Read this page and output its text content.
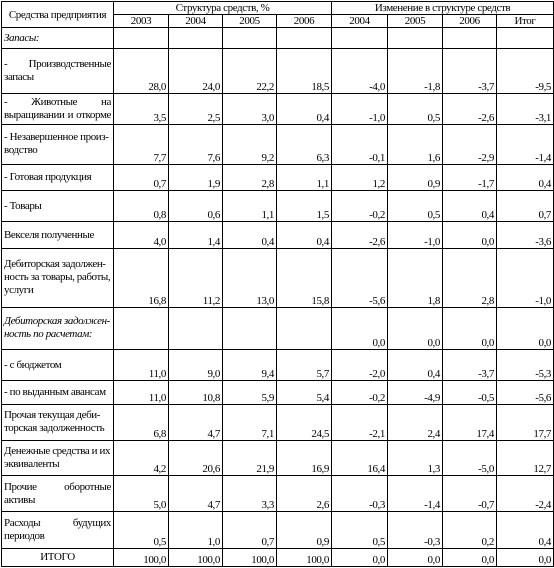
Средства предприятия	Структура средств, %				Изменение в структуре средств			
	2003	2004	2005	2006	2004	2005	2006	Итог
Запасы:								
- Производственные запасы	28,0	24,0	22,2	18,5	-4,0	-1,8	-3,7	-9,5
- Животные на выращивании и откорме	3,5	2,5	3,0	0,4	-1,0	0,5	-2,6	-3,1
- Незавершенное произ-водство	7,7	7,6	9,2	6,3	-0,1	1,6	-2,9	-1,4
- Готовая продукция	0,7	1,9	2,8	1,1	1,2	0,9	-1,7	0,4
- Товары	0,8	0,6	1,1	1,5	-0,2	0,5	0,4	0,7
Векселя полученные	4,0	1,4	0,4	0,4	-2,6	-1,0	0,0	-3,6
Дебиторская задолжен-ность за товары, работы, услуги	16,8	11,2	13,0	15,8	-5,6	1,8	2,8	-1,0
Дебиторская задолжен-ность по расчетам:					0,0	0,0	0,0	0,0
- с бюджетом	11,0	9,0	9,4	5,7	-2,0	0,4	-3,7	-5,3
- по выданным авансам	11,0	10,8	5,9	5,4	-0,2	-4,9	-0,5	-5,6
Прочая текущая деби-торская задолженность	6,8	4,7	7,1	24,5	-2,1	2,4	17,4	17,7
Денежные средства и их эквиваленты	4,2	20,6	21,9	16,9	16,4	1,3	-5,0	12,7
Прочие оборотные активы	5,0	4,7	3,3	2,6	-0,3	-1,4	-0,7	-2,4
Расходы будущих периодов	0,5	1,0	0,7	0,9	0,5	-0,3	0,2	0,4
ИТОГО	100,0	100,0	100,0	100,0	0,0	0,0	0,0	0,0
